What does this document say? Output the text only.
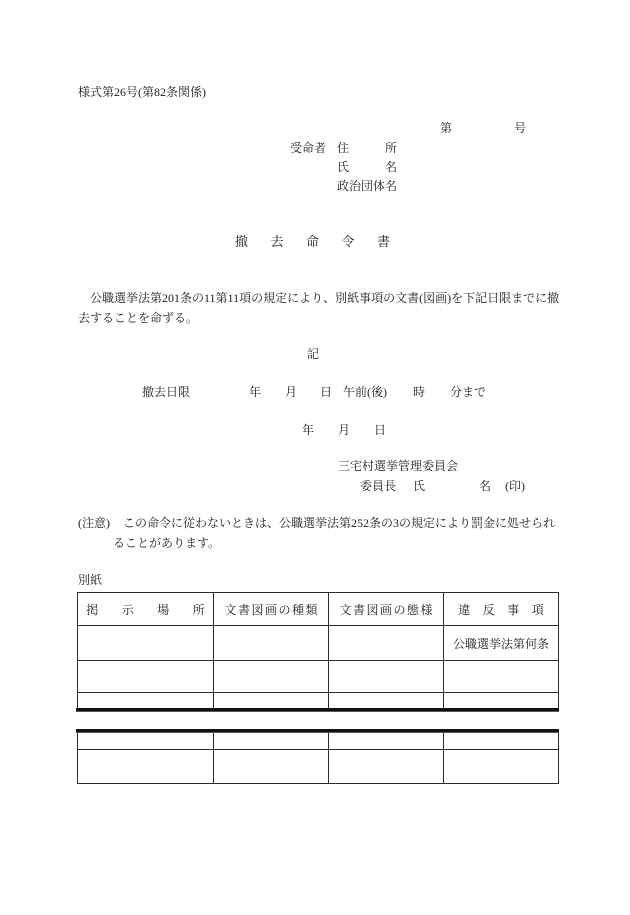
様式第26号(第82条関係)
第	号
受命者 住所
氏名
政治団体名
撤去命令書
公職選挙法第201条の11第11項の規定により、別紙事項の文書(図画)を下記日限までに撤
去することを命ずる。
記
撤去日限	年 月 日 午前(後) 時 分まで
年 月 日
三宅村選挙管理委員会
委員長 氏	名 (印)
(注意) この命令に従わないときは、公職選挙法第252条の3の規定により罰金に処せられ
ることがあります。
別紙
掲示場所	文書図画の種類	文書図画の態様	違反事項
			公職選挙法第何条
